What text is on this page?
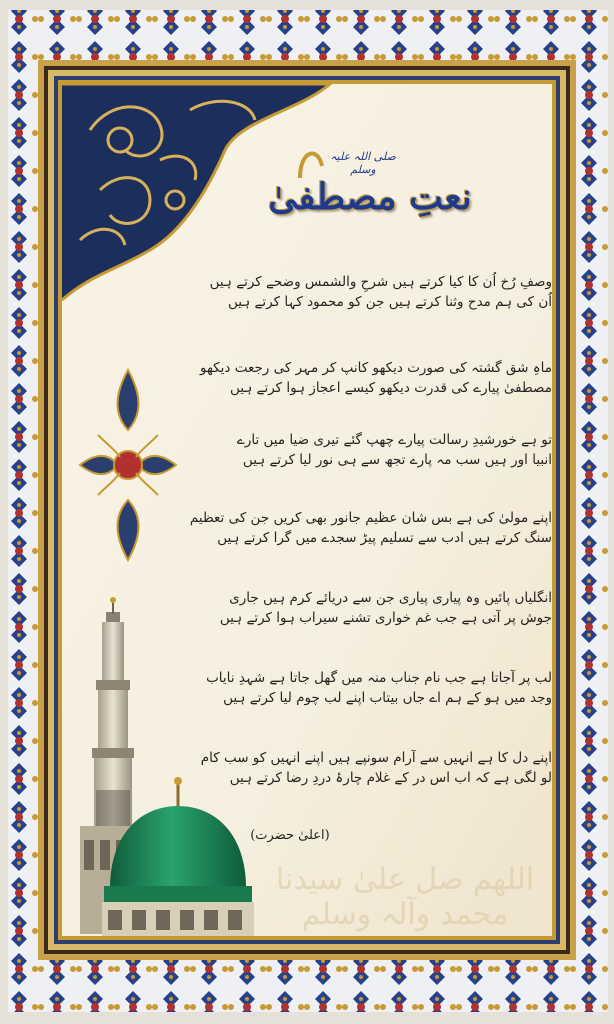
صلی اللہ علیہ وسلم
نعتِ مصطفیٰ
وصفِ رُخ اُن کا کیا کرتے ہیں شرحِ والشمس وضحے کرتے ہیں
اُن کی ہم مدح وثنا کرتے ہیں جن کو محمود کہا کرتے ہیں
ماہِ شق گشتہ کی صورت دیکھو کانپ کر مہر کی رجعت دیکھو
مصطفیٰ پیارے کی قدرت دیکھو کیسے اعجاز ہوا کرتے ہیں
تو ہے خورشیدِ رسالت پیارے چھپ گئے تیری ضیا میں تارے
انبیا اور ہیں سب مہ پارے تجھ سے ہی نور لیا کرتے ہیں
اپنے مولیٰ کی ہے بس شان عظیم جانور بھی کریں جن کی تعظیم
سنگ کرتے ہیں ادب سے تسلیم پیڑ سجدے میں گرا کرتے ہیں
انگلیاں پائیں وہ پیاری پیاری جن سے دریائے کرم ہیں جاری
جوش پر آتی ہے جب غم خواری تشنے سیراب ہوا کرتے ہیں
لب پر آجاتا ہے جب نام جناب منہ میں گھل جاتا ہے شہدِ نایاب
وجد میں ہو کے ہم اے جاں بیتاب اپنے لب چوم لیا کرتے ہیں
اپنے دل کا ہے انہیں سے آرام سونپے ہیں اپنے انہیں کو سب کام
لو لگی ہے کہ اب اس در کے غلام چارۂ دردِ رضا کرتے ہیں
(اعلیٰ حضرت)
اللھم صل علیٰ سیدنا محمد وآلہ وسلم
